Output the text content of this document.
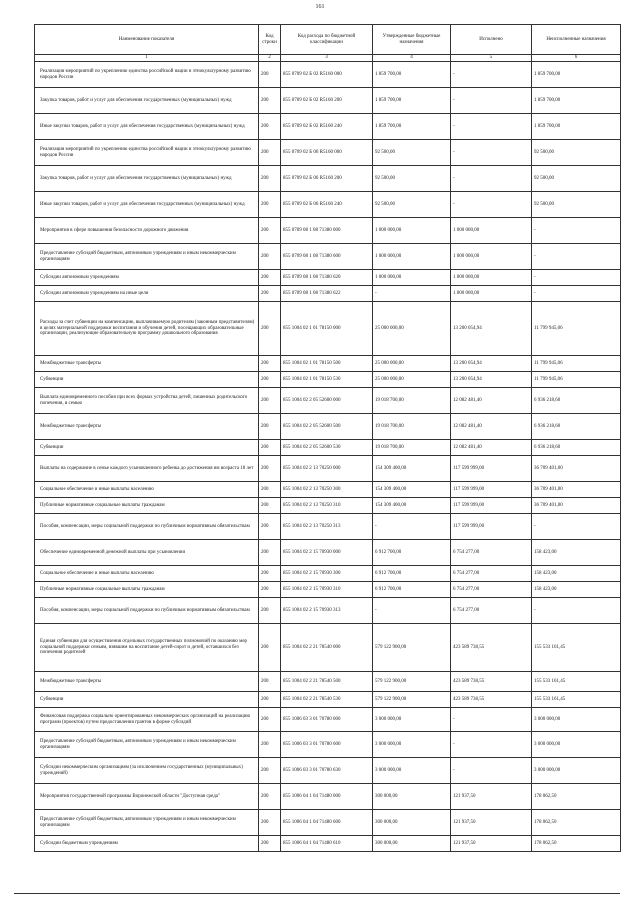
161
Наименование показателя	Код строки	Код расхода по бюджетной классификации	Утвержденные бюджетные назначения	Исполнено	Неисполненные назначения
1	2	3	4	5	6
Реализация мероприятий по укреплению единства российской нации и этнокультурному развитию народов России	200	855 0709 02 Б 02 R5160 000	1 859 700,00	-	1 859 700,00
Закупка товаров, работ и услуг для обеспечения государственных (муниципальных) нужд	200	855 0709 02 Б 02 R5160 200	1 859 700,00	-	1 859 700,00
Иные закупки товаров, работ и услуг для обеспечения государственных (муниципальных) нужд	200	855 0709 02 Б 02 R5160 240	1 859 700,00	-	1 859 700,00
Реализация мероприятий по укреплению единства российской нации и этнокультурному развитию народов России	200	855 0709 02 Б 06 R5160 000	92 500,00	-	92 500,00
Закупка товаров, работ и услуг для обеспечения государственных (муниципальных) нужд	200	855 0709 02 Б 06 R5160 200	92 500,00	-	92 500,00
Иные закупки товаров, работ и услуг для обеспечения государственных (муниципальных) нужд	200	855 0709 02 Б 06 R5160 240	92 500,00	-	92 500,00
Мероприятия в сфере повышения безопасности дорожного движения	200	855 0709 08 1 08 71380 000	1 000 000,00	1 000 000,00	-
Предоставление субсидий бюджетным, автономным учреждениям и иным некоммерческим организациям	200	855 0709 08 1 08 71380 600	1 000 000,00	1 000 000,00	-
Субсидии автономным учреждениям	200	855 0709 08 1 08 71380 620	1 000 000,00	1 000 000,00	-
Субсидии автономным учреждениям на иные цели	200	855 0709 08 1 08 71380 622	-	1 000 000,00	-
Расходы за счет субвенции на компенсацию, выплачиваемую родителям (законным представителям) в целях материальной поддержки воспитания и обучения детей, посещающих образовательные организации, реализующие образовательную программу дошкольного образования	200	855 1004 02 1 01 78150 000	25 000 000,00	13 200 054,94	11 799 945,06
Межбюджетные трансферты	200	855 1004 02 1 01 78150 500	25 000 000,00	13 200 054,94	11 799 945,06
Субвенции	200	855 1004 02 1 01 78150 530	25 000 000,00	13 200 054,94	11 799 945,06
Выплата единовременного пособия при всех формах устройства детей, лишенных родительского попечения, в семью	200	855 1004 02 2 05 52600 000	19 018 700,00	12 082 481,40	6 936 218,60
Межбюджетные трансферты	200	855 1004 02 2 05 52600 500	19 018 700,00	12 082 481,40	6 936 218,60
Субвенции	200	855 1004 02 2 05 52600 530	19 018 700,00	12 082 481,40	6 936 218,60
Выплаты на содержание в семье каждого усыновленного ребенка до достижения им возраста 18 лет	200	855 1004 02 2 13 70250 000	154 309 400,00	117 599 999,00	36 709 401,00
Социальное обеспечение и иные выплаты населению	200	855 1004 02 2 13 70250 300	154 309 400,00	117 599 999,00	36 709 401,00
Публичные нормативные социальные выплаты гражданам	200	855 1004 02 2 13 70250 310	154 309 400,00	117 599 999,00	36 709 401,00
Пособия, компенсации, меры социальной поддержки по публичным нормативным обязательствам	200	855 1004 02 2 13 70250 313	-	117 599 999,00	-
Обеспечение единовременной денежной выплаты при усыновлении	200	855 1004 02 2 15 70930 000	6 912 700,00	6 754 277,00	158 423,00
Социальное обеспечение и иные выплаты населению	200	855 1004 02 2 15 70930 300	6 912 700,00	6 754 277,00	158 423,00
Публичные нормативные социальные выплаты гражданам	200	855 1004 02 2 15 70930 310	6 912 700,00	6 754 277,00	158 423,00
Пособия, компенсации, меры социальной поддержки по публичным нормативным обязательствам	200	855 1004 02 2 15 70930 313	-	6 754 277,00	-
Единая субвенция для осуществления отдельных государственных полномочий по оказанию мер социальной поддержки семьям, взявшим на воспитание детей-сирот и детей, оставшихся без попечения родителей	200	855 1004 02 2 21 78540 000	579 122 900,00	423 589 738,55	155 533 161,45
Межбюджетные трансферты	200	855 1004 02 2 21 78540 500	579 122 900,00	423 589 738,55	155 533 161,45
Субвенции	200	855 1004 02 2 21 78540 530	579 122 900,00	423 589 738,55	155 533 161,45
Финансовая поддержка социально ориентированных некоммерческих организаций на реализацию программ (проектов) путем предоставления грантов в форме субсидий	200	855 1006 03 3 01 70780 000	3 000 000,00	-	3 000 000,00
Предоставление субсидий бюджетным, автономным учреждениям и иным некоммерческим организациям	200	855 1006 03 3 01 70780 600	3 000 000,00	-	3 000 000,00
Субсидии некоммерческим организациям (за исключением государственных (муниципальных) учреждений)	200	855 1006 03 3 01 70780 630	3 000 000,00	-	3 000 000,00
Мероприятия государственной программы Воронежской области "Доступная среда"	200	855 1006 04 1 04 71480 000	300 000,00	121 937,50	178 062,50
Предоставление субсидий бюджетным, автономным учреждениям и иным некоммерческим организациям	200	855 1006 04 1 04 71480 600	300 000,00	121 937,50	178 062,50
Субсидии бюджетным учреждениям	200	855 1006 04 1 04 71480 610	300 000,00	121 937,50	178 062,50
